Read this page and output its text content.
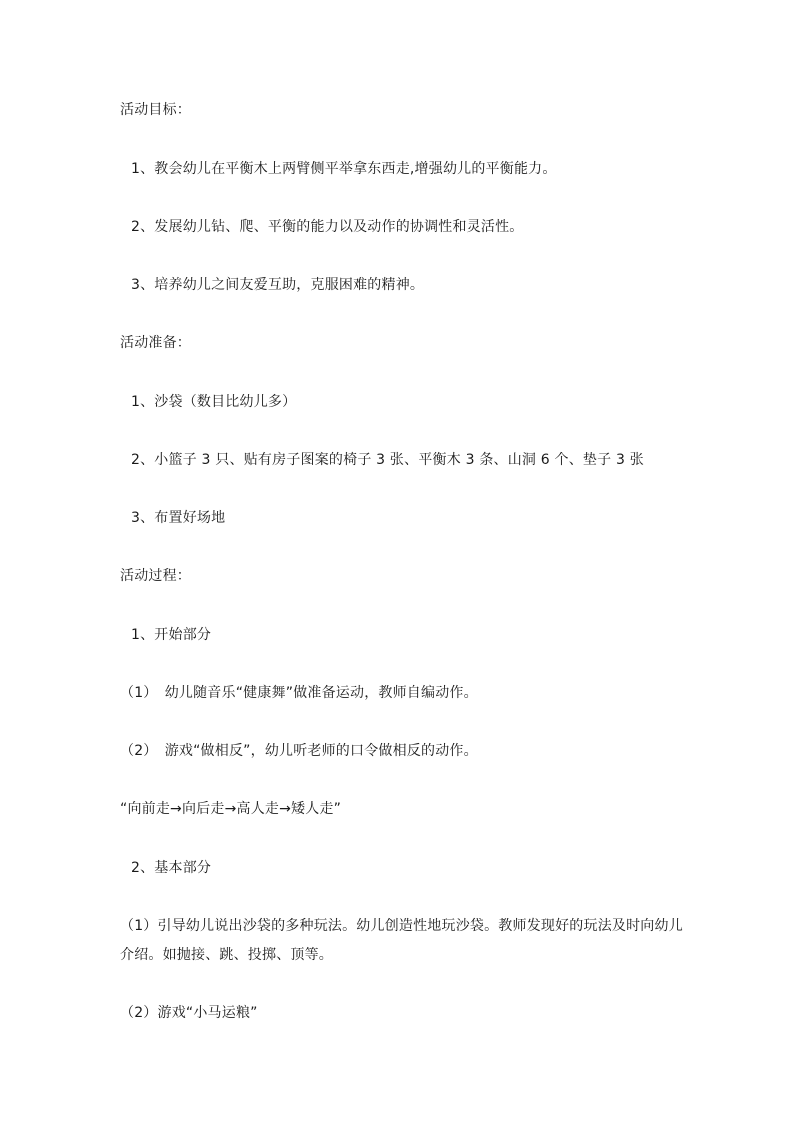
活动目标：
1、教会幼儿在平衡木上两臂侧平举拿东西走,增强幼儿的平衡能力。
2、发展幼儿钻、爬、平衡的能力以及动作的协调性和灵活性。
3、培养幼儿之间友爱互助，克服困难的精神。
活动准备：
1、沙袋（数目比幼儿多）
2、小篮子 3 只、贴有房子图案的椅子 3 张、平衡木 3 条、山洞 6 个、垫子 3 张
3、布置好场地
活动过程：
1、开始部分
（1）　幼儿随音乐“健康舞”做准备运动，教师自编动作。
（2）　游戏“做相反”，幼儿听老师的口令做相反的动作。
“向前走→向后走→高人走→矮人走”
2、基本部分
（1）引导幼儿说出沙袋的多种玩法。幼儿创造性地玩沙袋。教师发现好的玩法及时向幼儿
介绍。如抛接、跳、投掷、顶等。
（2）游戏“小马运粮”
